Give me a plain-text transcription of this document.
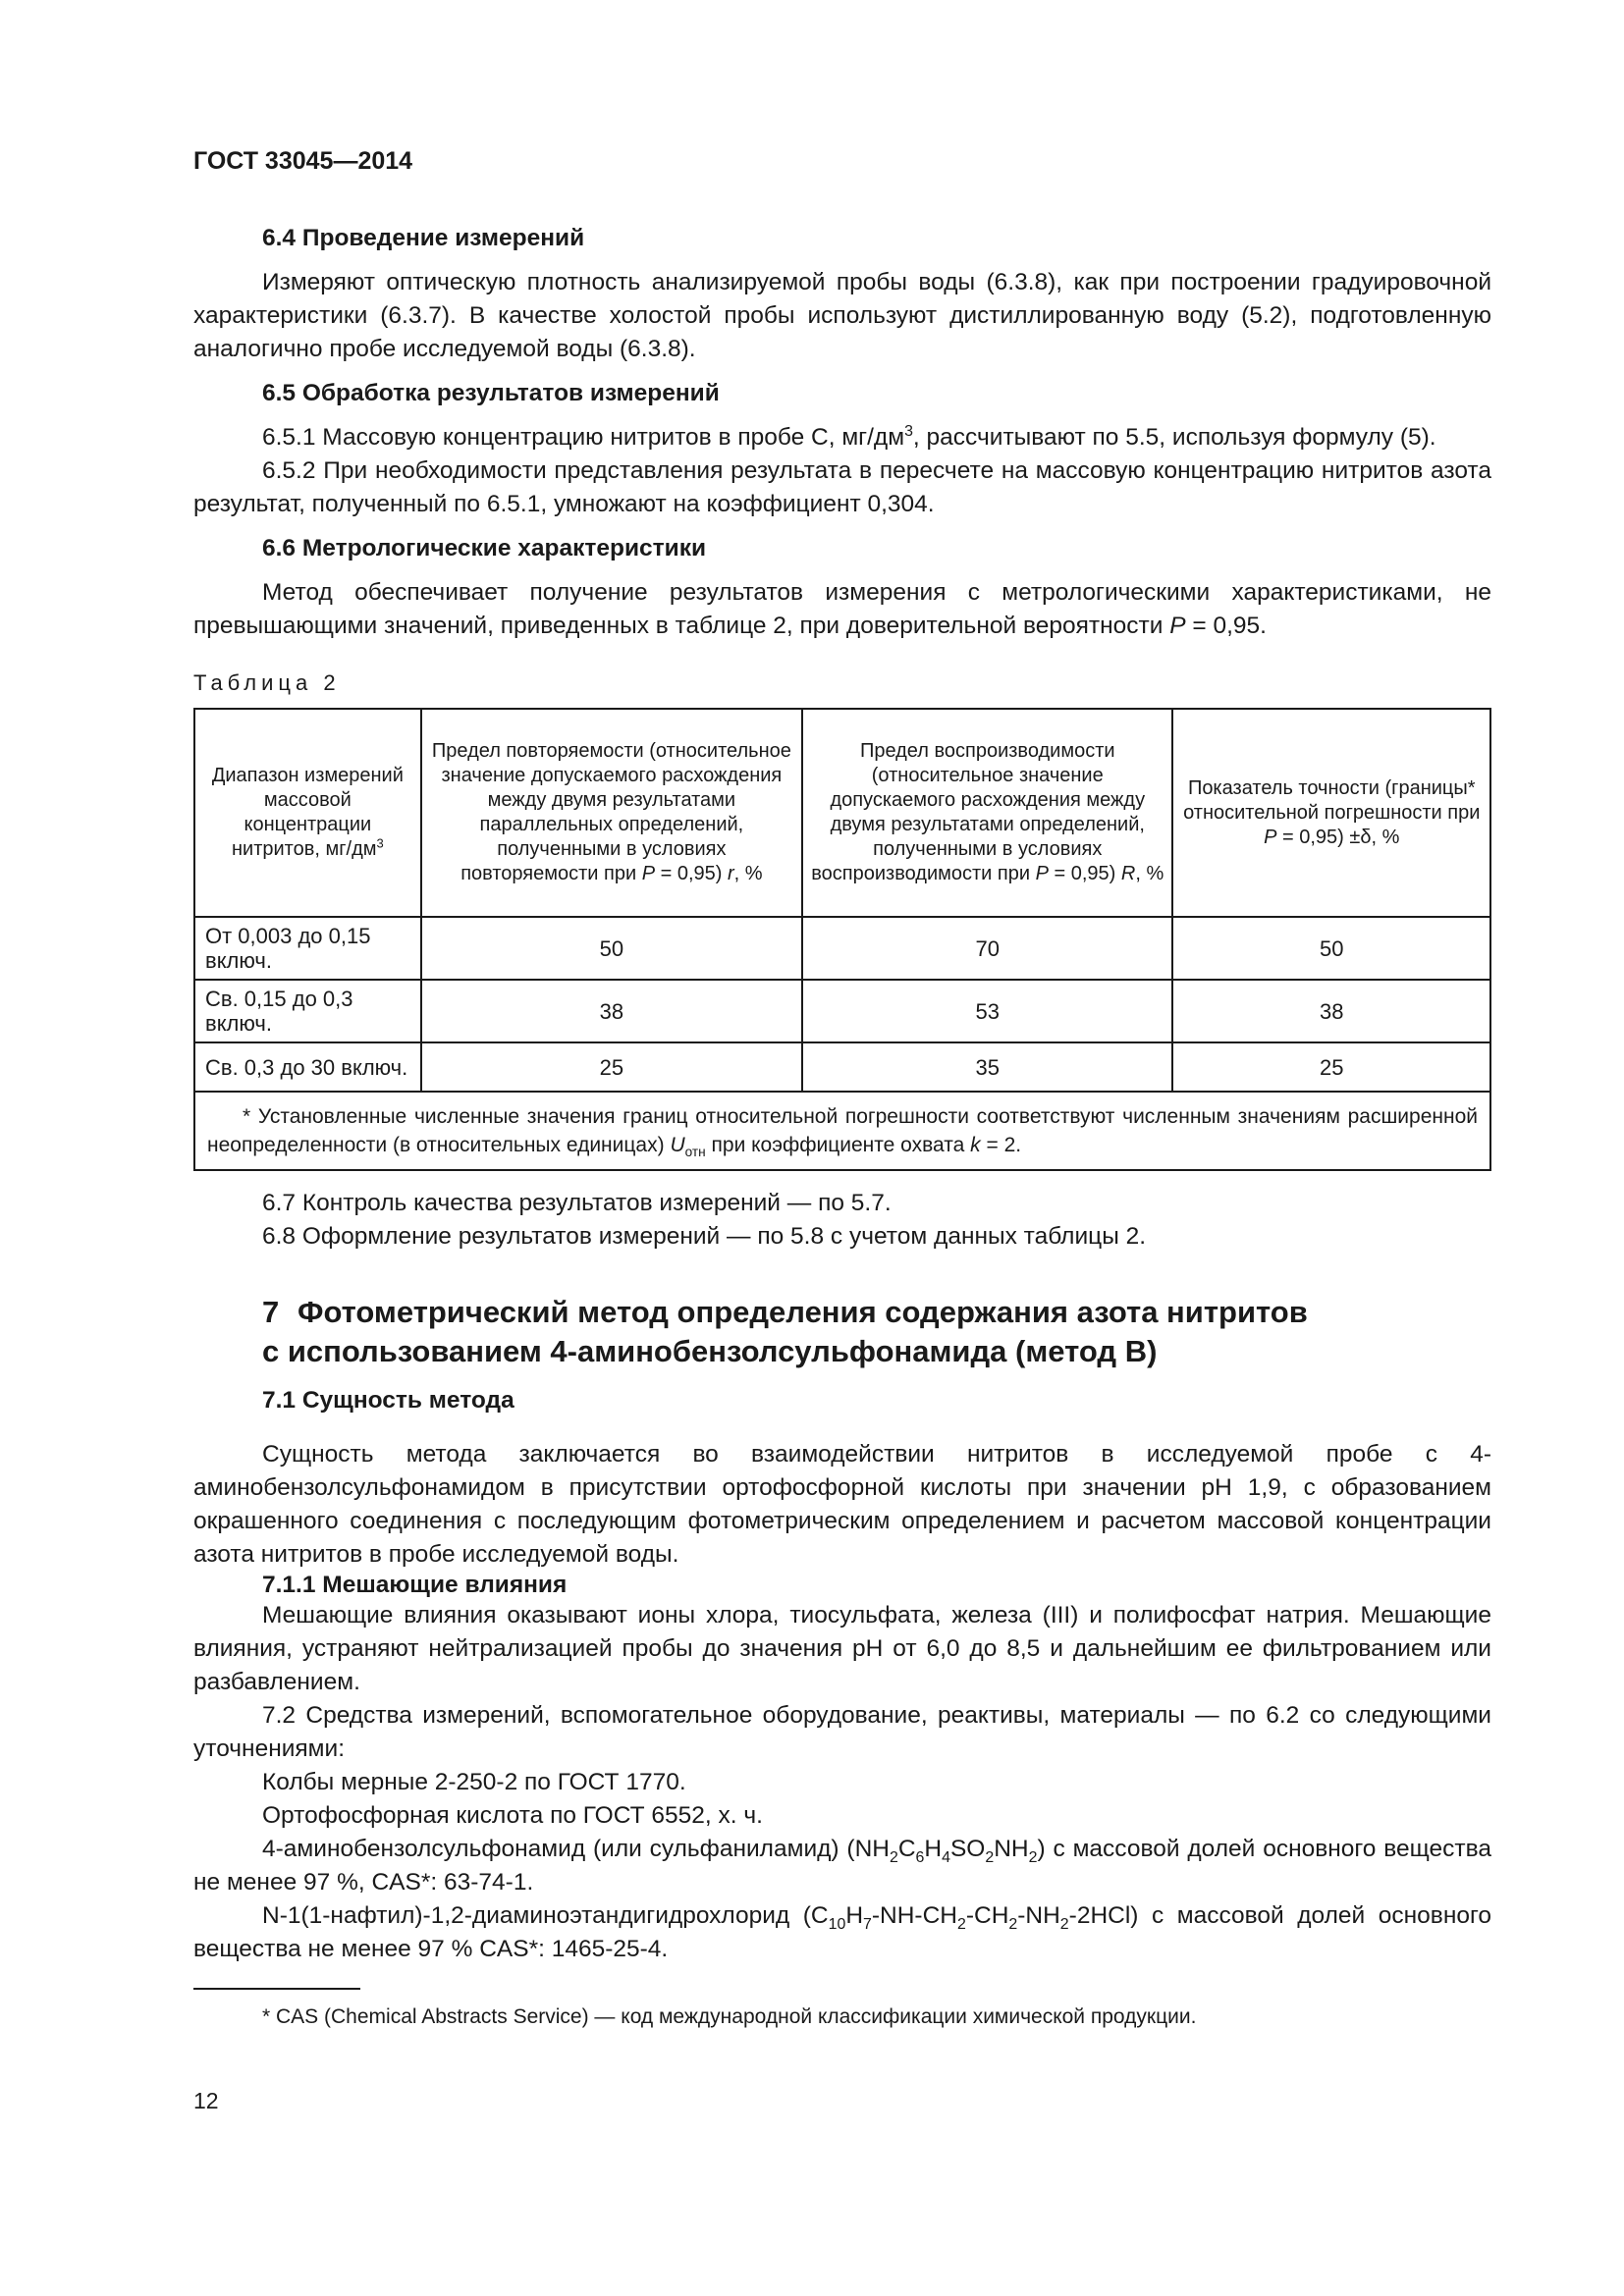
ГОСТ 33045—2014
6.4 Проведение измерений

Измеряют оптическую плотность анализируемой пробы воды (6.3.8), как при построении градуировочной характеристики (6.3.7). В качестве холостой пробы используют дистиллированную воду (5.2), подготовленную аналогично пробе исследуемой воды (6.3.8).

6.5 Обработка результатов измерений

6.5.1 Массовую концентрацию нитритов в пробе С, $мг/дм^3$, рассчитывают по 5.5, используя формулу (5).

6.5.2 При необходимости представления результата в пересчете на массовую концентрацию нитритов азота результат, полученный по 6.5.1, умножают на коэффициент 0,304.

6.6 Метрологические характеристики

Метод обеспечивает получение результатов измерения с метрологическими характеристиками, не превышающими значений, приведенных в таблице 2, при доверительной вероятности P = 0,95.

Таблица 2
Диапазон измерений массовой концентрации нитритов, $мг/дм^3$	Предел повторяемости (относительное значение допускаемого расхождения между двумя результатами параллельных определений, полученными в условиях повторяемости при P = 0,95) r, %	Предел воспроизводимости (относительное значение допускаемого расхождения между двумя результатами определений, полученными в условиях воспроизводимости при P = 0,95) R, %	Показатель точности (границы* относительной погрешности при P = 0,95) ±δ, %
От 0,003 до 0,15 включ.	50	70	50
Св. 0,15 до 0,3 включ.	38	53	38
Св. 0,3 до 30 включ.	25	35	25
* Установленные численные значения границ относительной погрешности соответствуют численным значениям расширенной неопределенности (в относительных единицах) $U_{отн}$ при коэффициенте охвата k = 2.			

6.7 Контроль качества результатов измерений — по 5.7.

6.8 Оформление результатов измерений — по 5.8 с учетом данных таблицы 2.

7 Фотометрический метод определения содержания азота нитритов
с использованием 4-аминобензолсульфонамида (метод В)
7.1 Сущность метода

Сущность метода заключается во взаимодействии нитритов в исследуемой пробе с 4-аминобензолсульфонамидом в присутствии ортофосфорной кислоты при значении рН 1,9, с образованием окрашенного соединения с последующим фотометрическим определением и расчетом массовой концентрации азота нитритов в пробе исследуемой воды.

7.1.1 Мешающие влияния

Мешающие влияния оказывают ионы хлора, тиосульфата, железа (III) и полифосфат натрия. Мешающие влияния, устраняют нейтрализацией пробы до значения рН от 6,0 до 8,5 и дальнейшим ее фильтрованием или разбавлением.

7.2 Средства измерений, вспомогательное оборудование, реактивы, материалы — по 6.2 со следующими уточнениями:

Колбы мерные 2-250-2 по ГОСТ 1770.

Ортофосфорная кислота по ГОСТ 6552, х. ч.

4-аминобензолсульфонамид (или сульфаниламид) $(NH_2C_6H_4SO_2NH_2)$ с массовой долей основного вещества не менее 97 %, CAS*: 63-74-1.

N-1(1-нафтил)-1,2-диаминоэтандигидрохлорид $(C_{10}H_7-NH-CH_2-CH_2-NH_2-2HCl)$ с массовой долей основного вещества не менее 97 % CAS*: 1465-25-4.

* CAS (Chemical Abstracts Service) — код международной классификации химической продукции.
12
